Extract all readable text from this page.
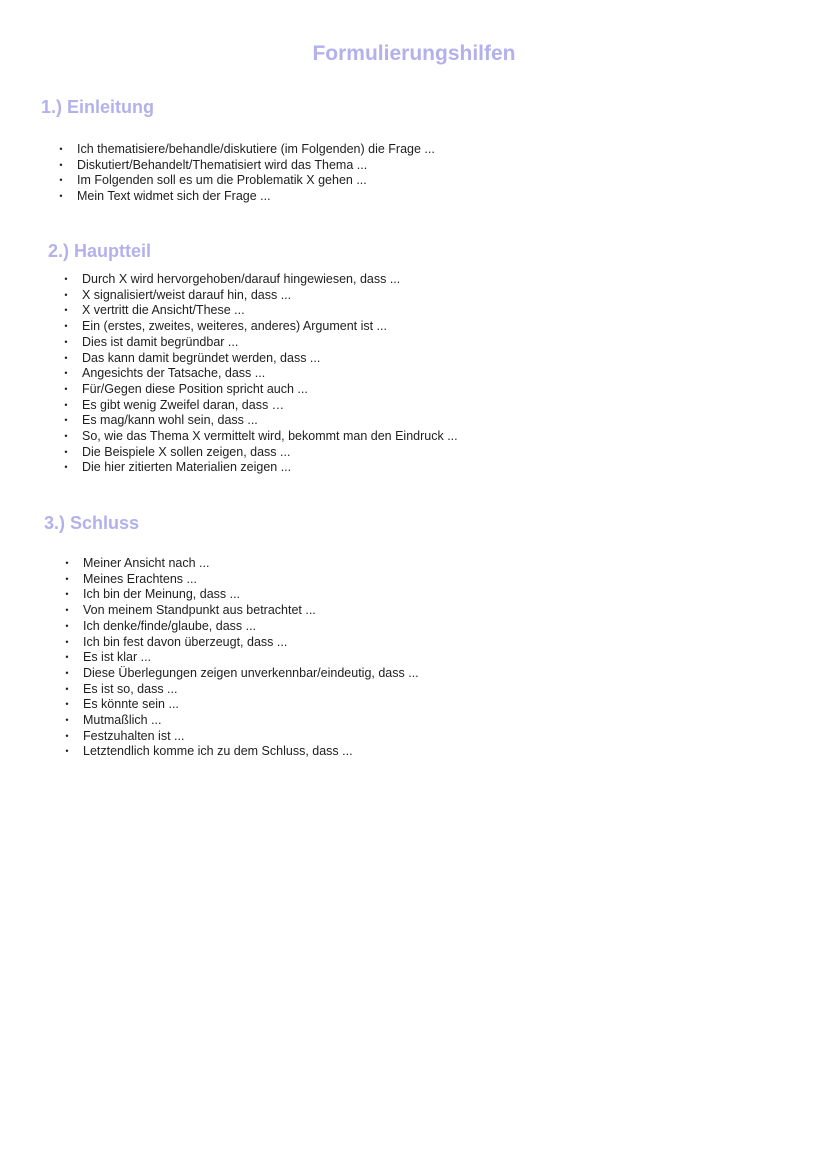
Formulierungshilfen
1.) Einleitung
• Ich thematisiere/behandle/diskutiere (im Folgenden) die Frage ...
• Diskutiert/Behandelt/Thematisiert wird das Thema ...
• Im Folgenden soll es um die Problematik X gehen ...
• Mein Text widmet sich der Frage ...
2.) Hauptteil
• Durch X wird hervorgehoben/darauf hingewiesen, dass ...
• X signalisiert/weist darauf hin, dass ...
• X vertritt die Ansicht/These ...
• Ein (erstes, zweites, weiteres, anderes) Argument ist ...
• Dies ist damit begründbar ...
• Das kann damit begründet werden, dass ...
• Angesichts der Tatsache, dass ...
• Für/Gegen diese Position spricht auch ...
• Es gibt wenig Zweifel daran, dass …
• Es mag/kann wohl sein, dass ...
• So, wie das Thema X vermittelt wird, bekommt man den Eindruck ...
• Die Beispiele X sollen zeigen, dass ...
• Die hier zitierten Materialien zeigen ...
3.) Schluss
• Meiner Ansicht nach ...
• Meines Erachtens ...
• Ich bin der Meinung, dass ...
• Von meinem Standpunkt aus betrachtet ...
• Ich denke/finde/glaube, dass ...
• Ich bin fest davon überzeugt, dass ...
• Es ist klar ...
• Diese Überlegungen zeigen unverkennbar/eindeutig, dass ...
• Es ist so, dass ...
• Es könnte sein ...
• Mutmaßlich ...
• Festzuhalten ist ...
• Letztendlich komme ich zu dem Schluss, dass ...
